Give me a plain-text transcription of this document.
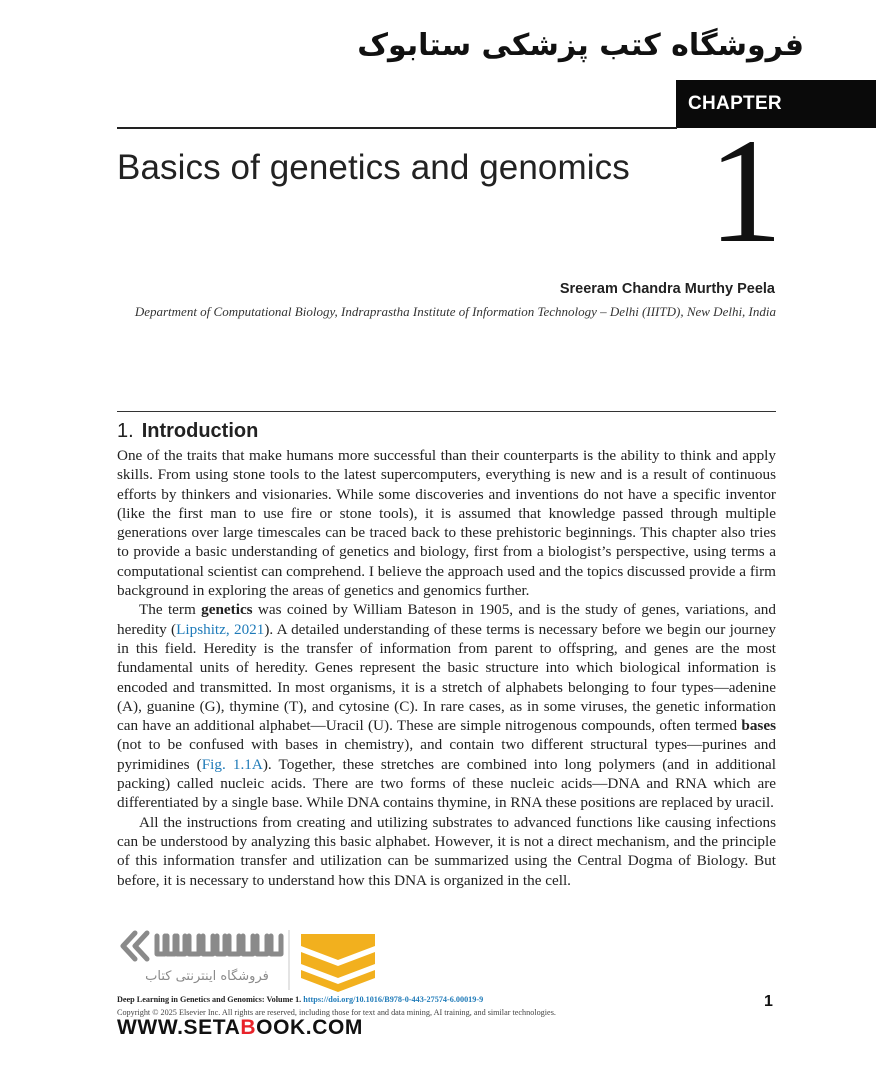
فروشگاه کتب پزشکی ستابوک
CHAPTER
Basics of genetics and genomics 1
Sreeram Chandra Murthy Peela
Department of Computational Biology, Indraprastha Institute of Information Technology – Delhi (IIITD), New Delhi, India
1. Introduction

One of the traits that make humans more successful than their counterparts is the ability to think and apply skills. From using stone tools to the latest supercomputers, everything is new and is a result of continuous efforts by thinkers and visionaries. While some discoveries and inventions do not have a specific inventor (like the first man to use fire or stone tools), it is assumed that knowledge passed through multiple generations over large timescales can be traced back to these prehistoric beginnings. This chapter also tries to provide a basic understanding of genetics and biology, first from a biologist’s perspective, using terms a computational scientist can comprehend. I believe the approach used and the topics discussed provide a firm background in exploring the areas of genetics and genomics further.

The term genetics was coined by William Bateson in 1905, and is the study of genes, variations, and heredity (Lipshitz, 2021). A detailed understanding of these terms is necessary before we begin our journey in this field. Heredity is the transfer of information from parent to offspring, and genes are the most fundamental units of heredity. Genes represent the basic structure into which biological information is encoded and transmitted. In most organisms, it is a stretch of alphabets belonging to four types—adenine (A), guanine (G), thymine (T), and cytosine (C). In rare cases, as in some viruses, the genetic information can have an additional alphabet—Uracil (U). These are simple nitrogenous compounds, often termed bases (not to be confused with bases in chemistry), and contain two different structural types—purines and pyrimidines (Fig. 1.1A). Together, these stretches are combined into long polymers (and in additional packing) called nucleic acids. There are two forms of these nucleic acids—DNA and RNA which are differentiated by a single base. While DNA contains thymine, in RNA these positions are replaced by uracil.

All the instructions from creating and utilizing substrates to advanced functions like causing infections can be understood by analyzing this basic alphabet. However, it is not a direct mechanism, and the principle of this information transfer and utilization can be summarized using the Central Dogma of Biology. But before, it is necessary to understand how this DNA is organized in the cell.

فروشگاه اینترنتی کتاب
Deep Learning in Genetics and Genomics: Volume 1. https://doi.org/10.1016/B978-0-443-27574-6.00019-9
Copyright © 2025 Elsevier Inc. All rights are reserved, including those for text and data mining, AI training, and similar technologies.
WWW.SETABOOK.COM
1
